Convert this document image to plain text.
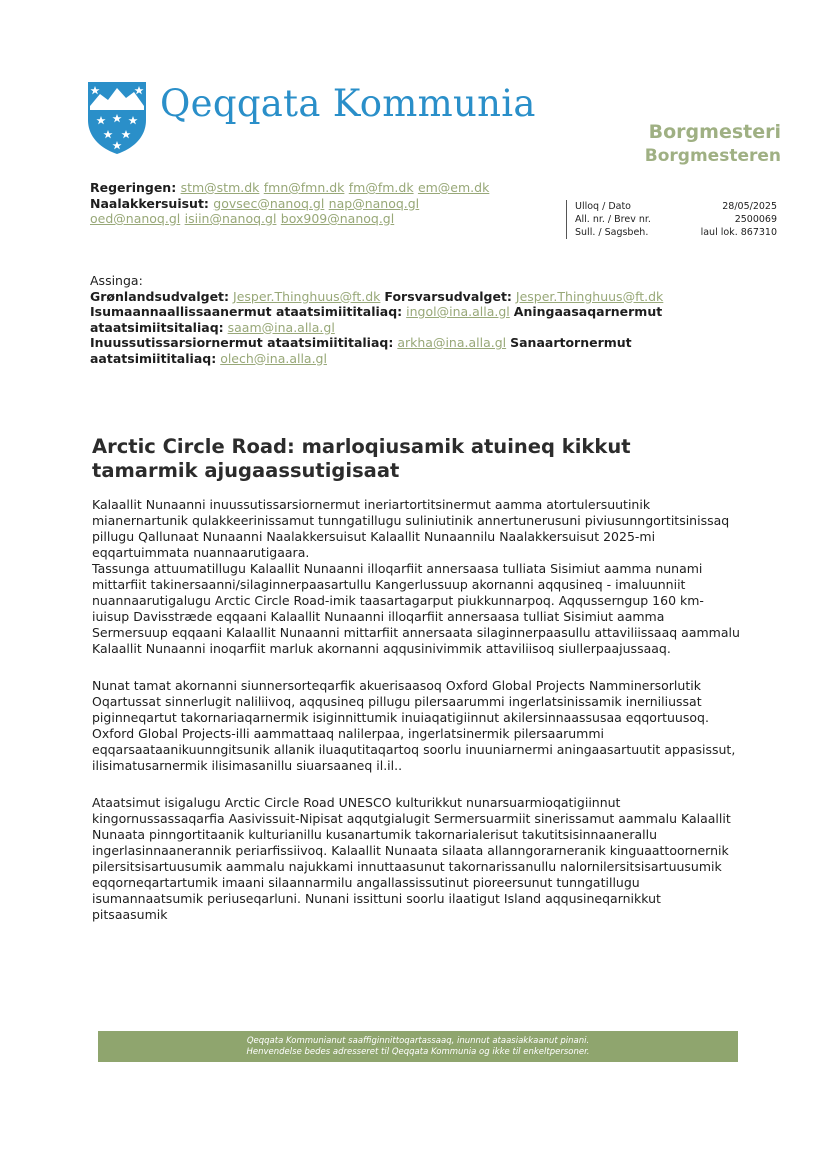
Qeqqata Kommunia
Borgmesteri
Borgmesteren
Regeringen: stm@stm.dk fmn@fmn.dk fm@fm.dk em@em.dk
Naalakkersuisut: govsec@nanoq.gl nap@nanoq.gl
oed@nanoq.gl isiin@nanoq.gl box909@nanoq.gl
Ulloq / Dato	28/05/2025
All. nr. / Brev nr.	2500069
Sull. / Sagsbeh.	laul lok. 867310
Assinga:
Grønlandsudvalget: Jesper.Thinghuus@ft.dk Forsvarsudvalget: Jesper.Thinghuus@ft.dk
Isumaannaallissaanermut ataatsimiititaliaq: ingol@ina.alla.gl Aningaasaqarnermut ataatsimiitsitaliaq: saam@ina.alla.gl
Inuussutissarsiornermut ataatsimiititaliaq: arkha@ina.alla.gl Sanaartornermut aatatsimiititaliaq: olech@ina.alla.gl
Arctic Circle Road: marloqiusamik atuineq kikkut tamarmik ajugaassutigisaat

Kalaallit Nunaanni inuussutissarsiornermut ineriartortitsinermut aamma atortulersuutinik mianernartunik qulakkeerinissamut tunngatillugu suliniutinik annertunerusuni piviusunngortitsinissaq pillugu Qallunaat Nunaanni Naalakkersuisut Kalaallit Nunaannilu Naalakkersuisut 2025-mi eqqartuimmata nuannaarutigaara.
Tassunga attuumatillugu Kalaallit Nunaanni illoqarfiit annersaasa tulliata Sisimiut aamma nunami mittarfiit takinersaanni/silaginnerpaasartullu Kangerlussuup akornanni aqqusineq - imaluunniit nuannaarutigalugu Arctic Circle Road-imik taasartagarput piukkunnarpoq. Aqqusserngup 160 km-iuisup Davisstræde eqqaani Kalaallit Nunaanni illoqarfiit annersaasa tulliat Sisimiut aamma Sermersuup eqqaani Kalaallit Nunaanni mittarfiit annersaata silaginnerpaasullu attaviliissaaq aammalu Kalaallit Nunaanni inoqarfiit marluk akornanni aqqusinivimmik attaviliisoq siullerpaajussaaq.

Nunat tamat akornanni siunnersorteqarfik akuerisaasoq Oxford Global Projects Namminersorlutik Oqartussat sinnerlugit naliliivoq, aqqusineq pillugu pilersaarummi ingerlatsinissamik inerniliussat piginneqartut takornariaqarnermik isiginnittumik inuiaqatigiinnut akilersinnaassusaa eqqortuusoq. Oxford Global Projects-illi aammattaaq nalilerpaa, ingerlatsinermik pilersaarummi eqqarsaataanikuunngitsunik allanik iluaqutitaqartoq soorlu inuuniarnermi aningaasartuutit appasissut, ilisimatusarnermik ilisimasanillu siuarsaaneq il.il..

Ataatsimut isigalugu Arctic Circle Road UNESCO kulturikkut nunarsuarmioqatigiinnut kingornussassaqarfia Aasivissuit-Nipisat aqqutgialugit Sermersuarmiit sinerissamut aammalu Kalaallit Nunaata pinngortitaanik kulturianillu kusanartumik takornarialerisut takutitsisinnaanerallu ingerlasinnaanerannik periarfissiivoq. Kalaallit Nunaata silaata allanngorarneranik kinguaattoornernik pilersitsisartuusumik aammalu najukkami innuttaasunut takornarissanullu nalornilersitsisartuusumik eqqorneqartartumik imaani silaannarmilu angallassissutinut pioreersunut tunngatillugu isumannaatsumik periuseqarluni. Nunani issittuni soorlu ilaatigut Island aqqusineqarnikkut pitsaasumik

Qeqqata Kommunianut saaffiginnittoqartassaaq, inunnut ataasiakkaanut pinani.
Henvendelse bedes adresseret til Qeqqata Kommunia og ikke til enkeltpersoner.
